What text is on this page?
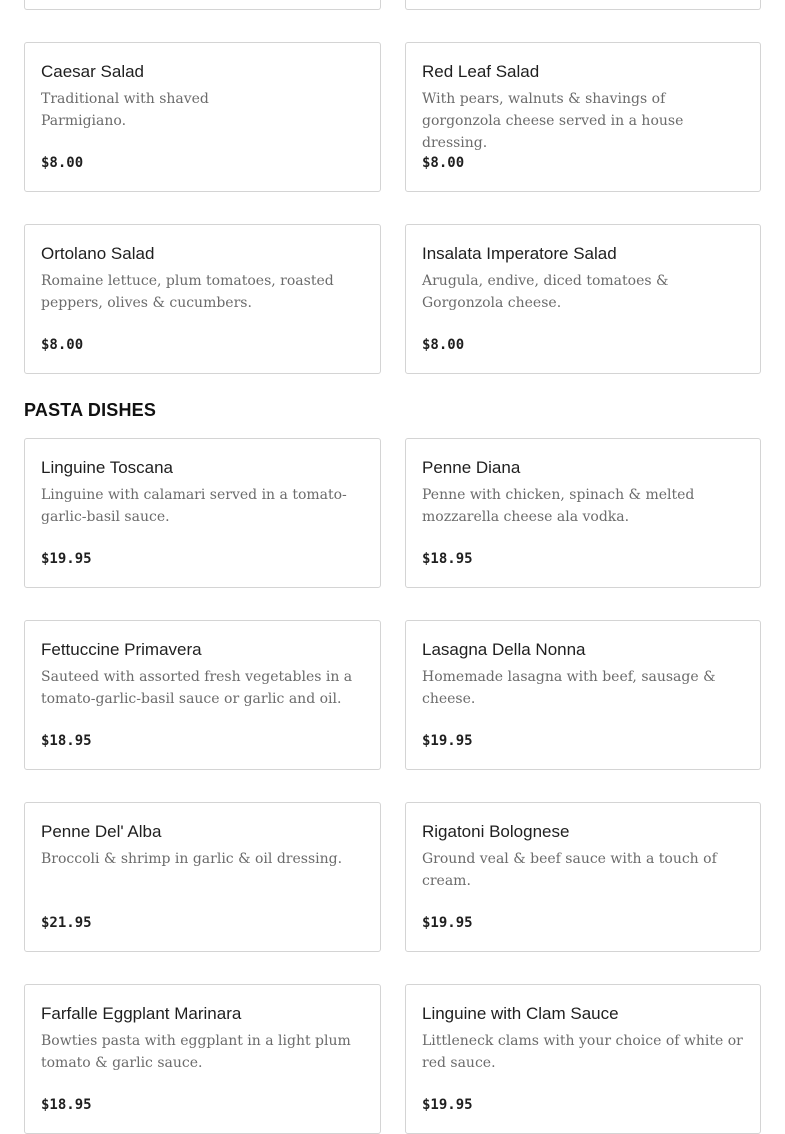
Caesar Salad
Traditional with shaved Parmigiano.
$8.00
Red Leaf Salad
With pears, walnuts & shavings of gorgonzola cheese served in a house dressing.
$8.00
Ortolano Salad
Romaine lettuce, plum tomatoes, roasted peppers, olives & cucumbers.
$8.00
Insalata Imperatore Salad
Arugula, endive, diced tomatoes & Gorgonzola cheese.
$8.00
PASTA DISHES
Linguine Toscana
Linguine with calamari served in a tomato-garlic-basil sauce.
$19.95
Penne Diana
Penne with chicken, spinach & melted mozzarella cheese ala vodka.
$18.95
Fettuccine Primavera
Sauteed with assorted fresh vegetables in a tomato-garlic-basil sauce or garlic and oil.
$18.95
Lasagna Della Nonna
Homemade lasagna with beef, sausage & cheese.
$19.95
Penne Del' Alba
Broccoli & shrimp in garlic & oil dressing.
$21.95
Rigatoni Bolognese
Ground veal & beef sauce with a touch of cream.
$19.95
Farfalle Eggplant Marinara
Bowties pasta with eggplant in a light plum tomato & garlic sauce.
$18.95
Linguine with Clam Sauce
Littleneck clams with your choice of white or red sauce.
$19.95
